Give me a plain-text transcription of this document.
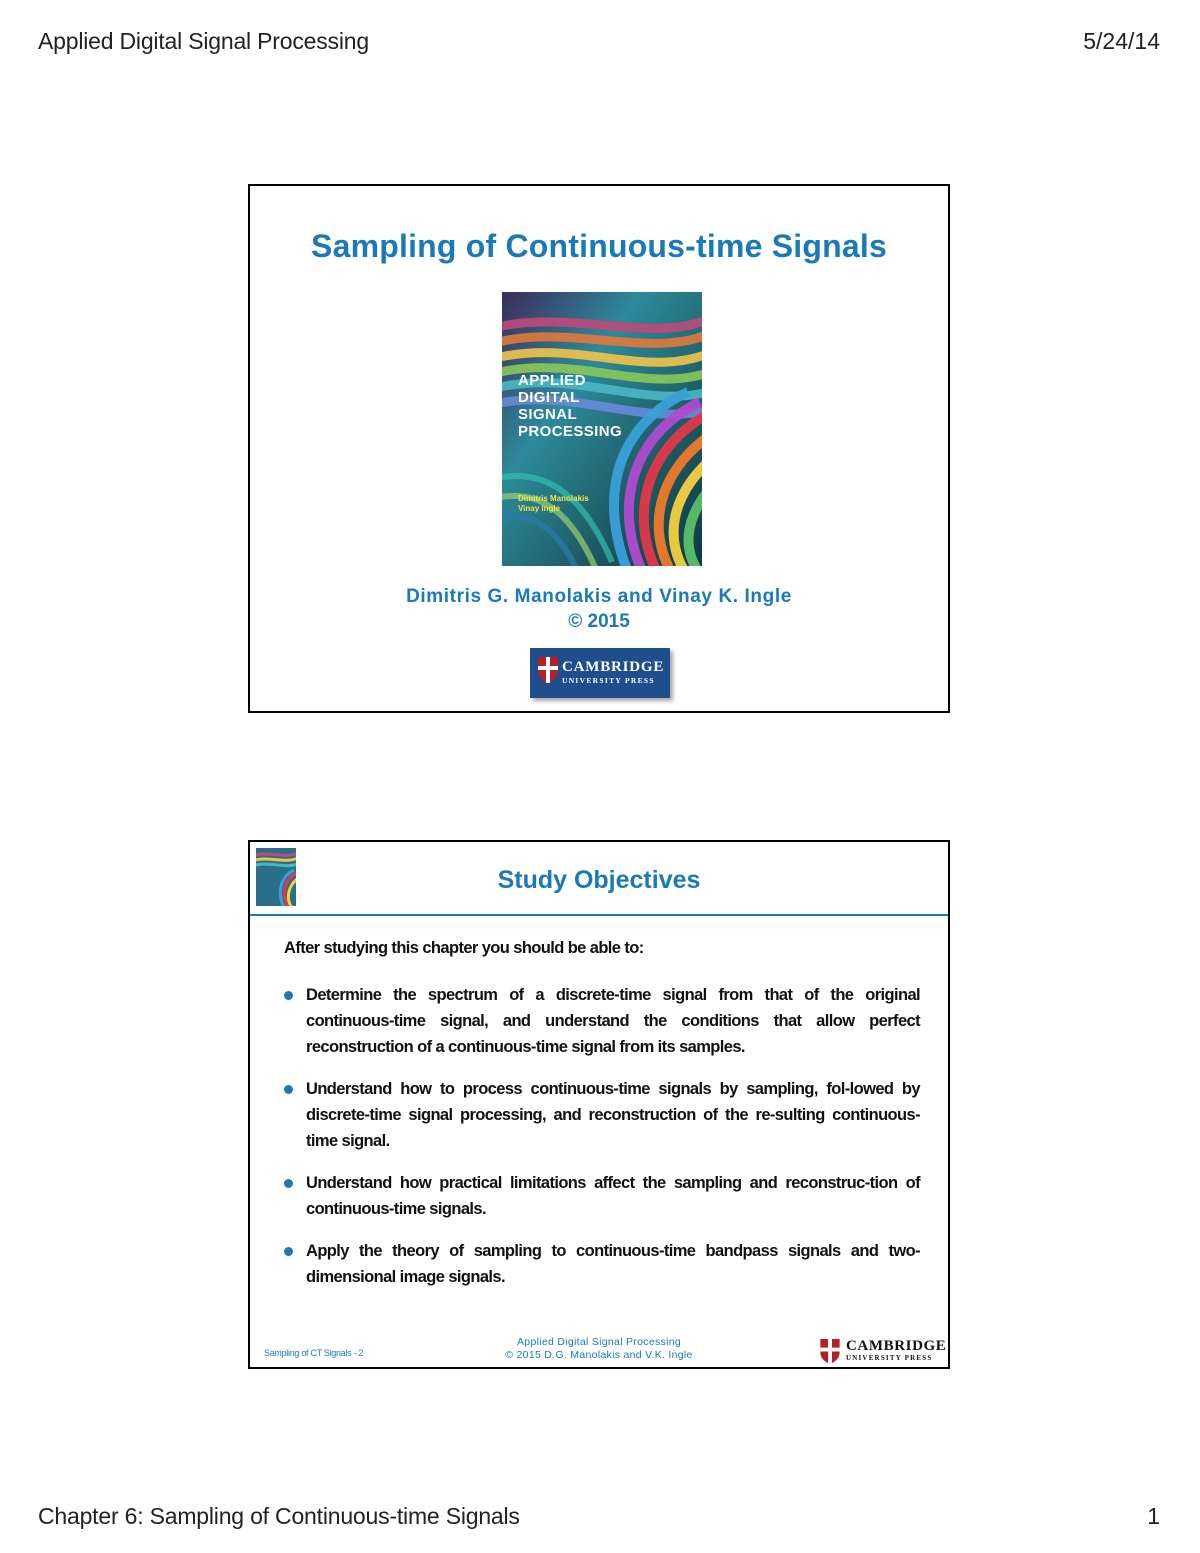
Applied Digital Signal Processing	5/24/14
Sampling of Continuous-time Signals
APPLIED
DIGITAL
SIGNAL
PROCESSING
Dimitris Manolakis
Vinay Ingle
Dimitris G. Manolakis and Vinay K. Ingle
© 2015
CAMBRIDGE
UNIVERSITY PRESS
Study Objectives
After studying this chapter you should be able to:
Determine the spectrum of a discrete-time signal from that of the original continuous-time signal, and understand the conditions that allow perfect reconstruction of a continuous-time signal from its samples.
Understand how to process continuous-time signals by sampling, fol-lowed by discrete-time signal processing, and reconstruction of the re-sulting continuous-time signal.
Understand how practical limitations affect the sampling and reconstruc-tion of continuous-time signals.
Apply the theory of sampling to continuous-time bandpass signals and two-dimensional image signals.
Sampling of CT Signals - 2
Applied Digital Signal Processing
© 2015 D.G. Manolakis and V.K. Ingle
CAMBRIDGE
UNIVERSITY PRESS
Chapter 6: Sampling of Continuous-time Signals	1
